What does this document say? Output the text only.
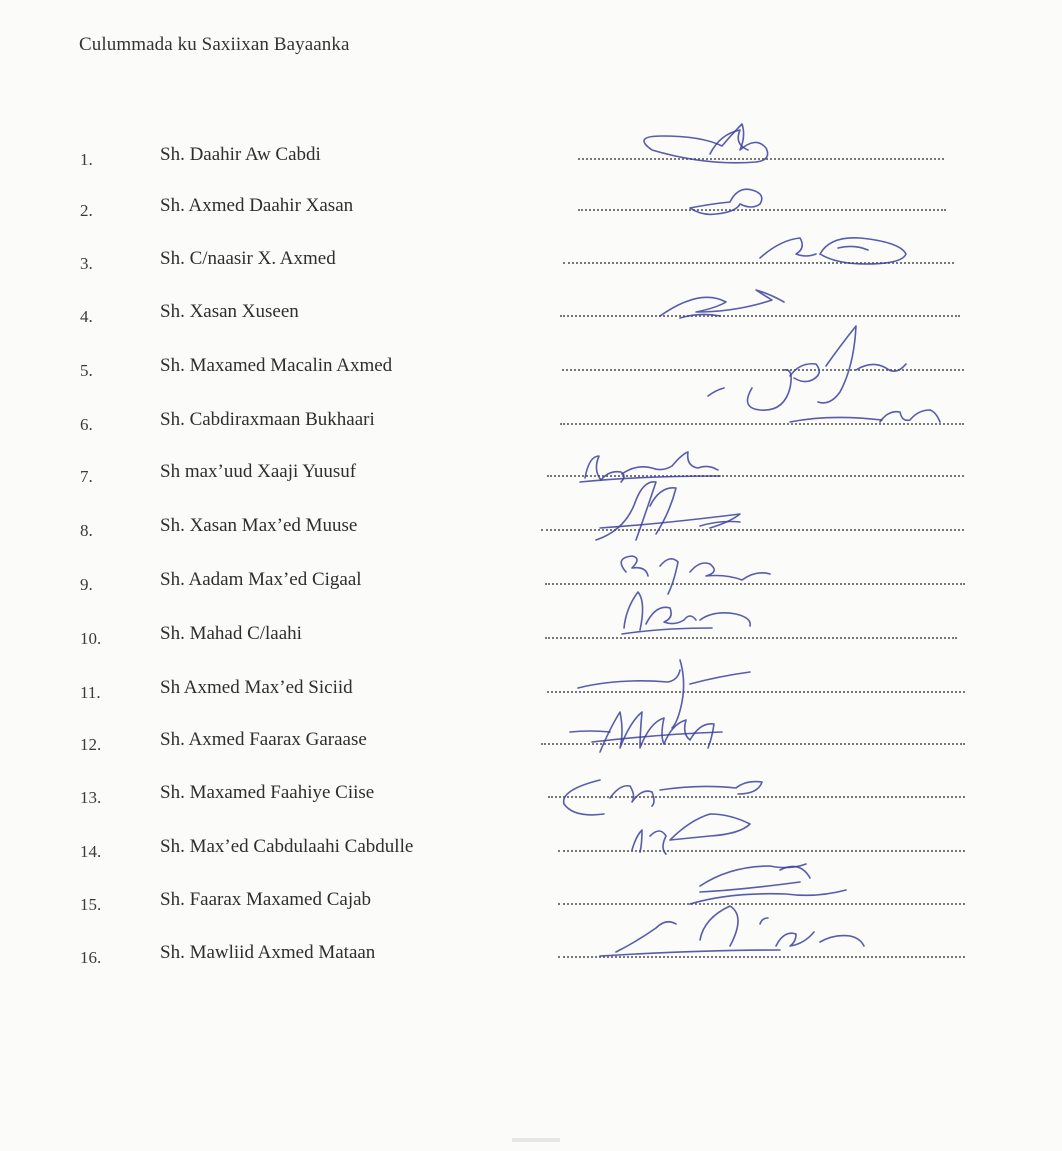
Culummada ku Saxiixan Bayaanka
1.	Sh. Daahir Aw Cabdi
2.	Sh. Axmed Daahir Xasan
3.	Sh. C/naasir X. Axmed
4.	Sh. Xasan Xuseen
5.	Sh. Maxamed Macalin Axmed
6.	Sh. Cabdiraxmaan Bukhaari
7.	Sh max’uud Xaaji Yuusuf
8.	Sh. Xasan Max’ed Muuse
9.	Sh. Aadam Max’ed Cigaal
10.	Sh. Mahad C/laahi
11.	Sh Axmed Max’ed Siciid
12.	Sh. Axmed Faarax Garaase
13.	Sh. Maxamed Faahiye Ciise
14.	Sh. Max’ed Cabdulaahi Cabdulle
15.	Sh. Faarax Maxamed Cajab
16.	Sh. Mawliid Axmed Mataan
